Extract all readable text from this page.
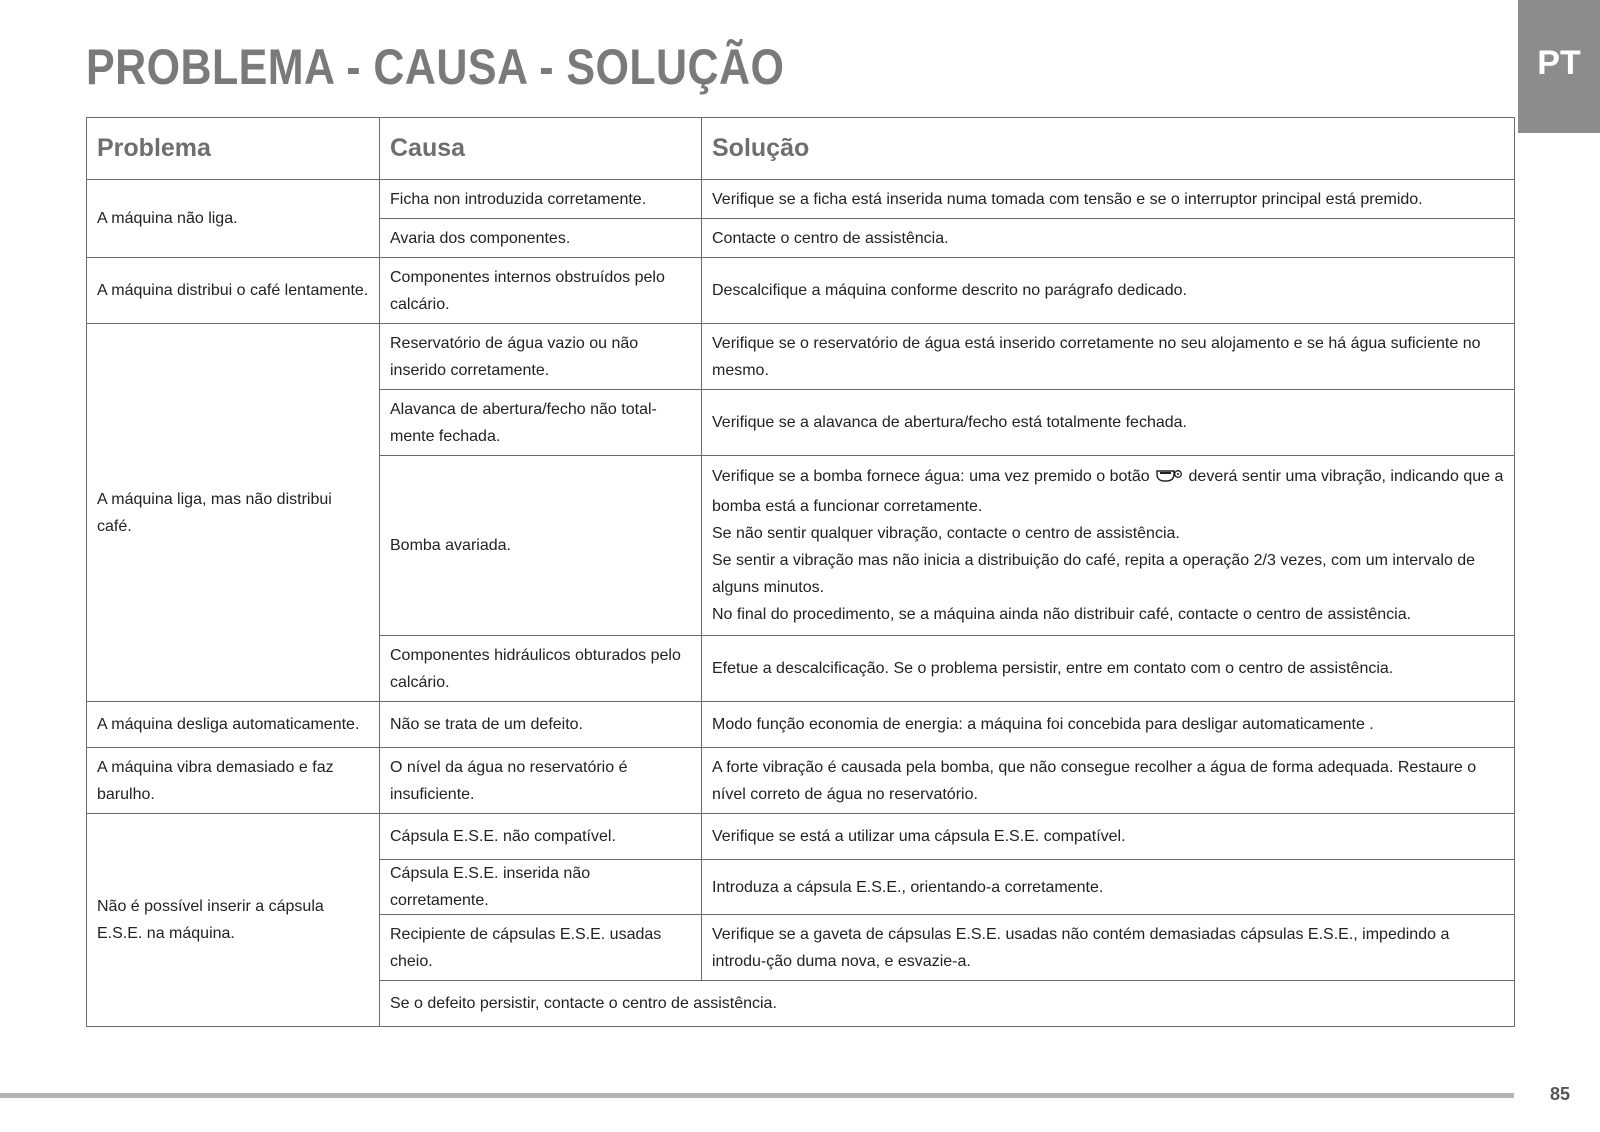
PT
PROBLEMA - CAUSA - SOLUÇÃO
Problema	Causa	Solução
A máquina não liga.	Ficha non introduzida corretamente.	Verifique se a ficha está inserida numa tomada com tensão e se o interruptor principal está premido.
	Avaria dos componentes.	Contacte o centro de assistência.
A máquina distribui o café lentamente.	Componentes internos obstruídos pelo calcário.	Descalcifique a máquina conforme descrito no parágrafo dedicado.
A máquina liga, mas não distribui café.	Reservatório de água vazio ou não inserido corretamente.	Verifique se o reservatório de água está inserido corretamente no seu alojamento e se há água suficiente no mesmo.
	Alavanca de abertura/fecho não total-mente fechada.	Verifique se a alavanca de abertura/fecho está totalmente fechada.
	Bomba avariada.	Verifique se a bomba fornece água: uma vez premido o botão deverá sentir uma vibração, indicando que a bomba está a funcionar corretamente.
Se não sentir qualquer vibração, contacte o centro de assistência.
Se sentir a vibração mas não inicia a distribuição do café, repita a operação 2/3 vezes, com um intervalo de alguns minutos.
No final do procedimento, se a máquina ainda não distribuir café, contacte o centro de assistência.
	Componentes hidráulicos obturados pelo calcário.	Efetue a descalcificação. Se o problema persistir, entre em contato com o centro de assistência.
A máquina desliga automaticamente.	Não se trata de um defeito.	Modo função economia de energia: a máquina foi concebida para desligar automaticamente .
A máquina vibra demasiado e faz barulho.	O nível da água no reservatório é insuficiente.	A forte vibração é causada pela bomba, que não consegue recolher a água de forma adequada. Restaure o nível correto de água no reservatório.
Não é possível inserir a cápsula E.S.E. na máquina.	Cápsula E.S.E. não compatível.	Verifique se está a utilizar uma cápsula E.S.E. compatível.
	Cápsula E.S.E. inserida não corretamente.	Introduza a cápsula E.S.E., orientando-a corretamente.
	Recipiente de cápsulas E.S.E. usadas cheio.	Verifique se a gaveta de cápsulas E.S.E. usadas não contém demasiadas cápsulas E.S.E., impedindo a introdu-ção duma nova, e esvazie-a.
	Se o defeito persistir, contacte o centro de assistência.	
85
